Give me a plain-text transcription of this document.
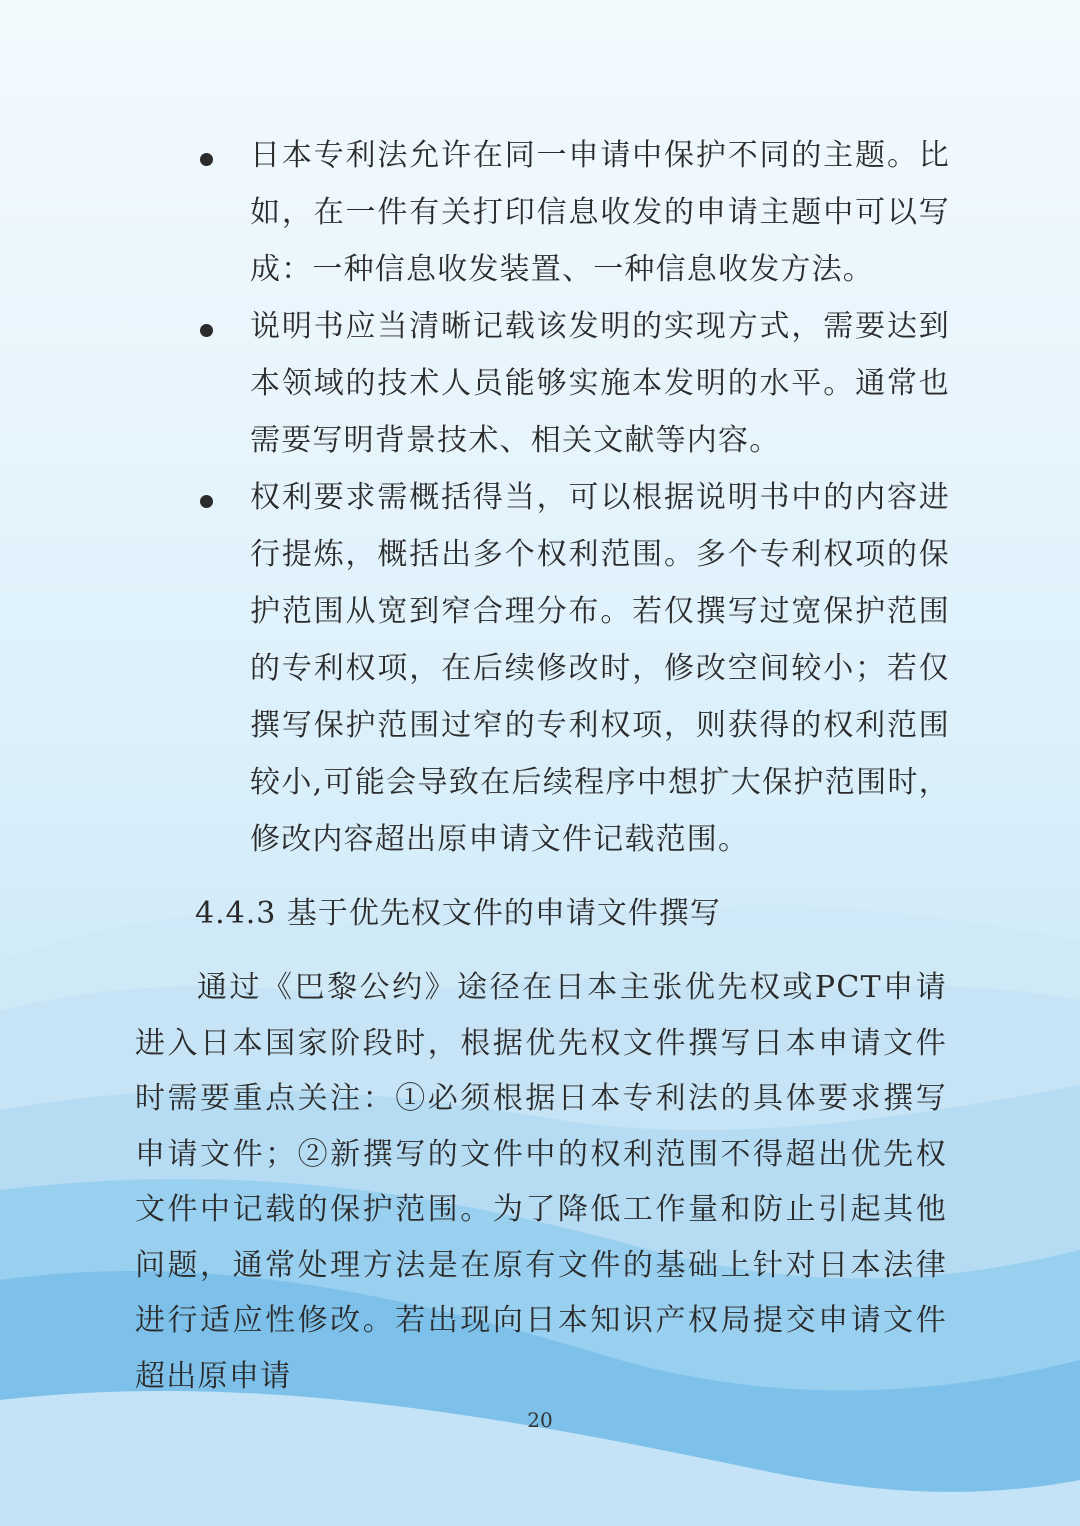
日本专利法允许在同一申请中保护不同的主题。比如，在一件有关打印信息收发的申请主题中可以写成：一种信息收发装置、一种信息收发方法。
说明书应当清晰记载该发明的实现方式，需要达到本领域的技术人员能够实施本发明的水平。通常也需要写明背景技术、相关文献等内容。
权利要求需概括得当，可以根据说明书中的内容进行提炼，概括出多个权利范围。多个专利权项的保护范围从宽到窄合理分布。若仅撰写过宽保护范围的专利权项，在后续修改时，修改空间较小；若仅撰写保护范围过窄的专利权项，则获得的权利范围较小,可能会导致在后续程序中想扩大保护范围时，修改内容超出原申请文件记载范围。
4.4.3 基于优先权文件的申请文件撰写
通过《巴黎公约》途径在日本主张优先权或PCT申请进入日本国家阶段时，根据优先权文件撰写日本申请文件时需要重点关注：①必须根据日本专利法的具体要求撰写申请文件；②新撰写的文件中的权利范围不得超出优先权文件中记载的保护范围。为了降低工作量和防止引起其他问题，通常处理方法是在原有文件的基础上针对日本法律进行适应性修改。若出现向日本知识产权局提交申请文件超出原申请
20
